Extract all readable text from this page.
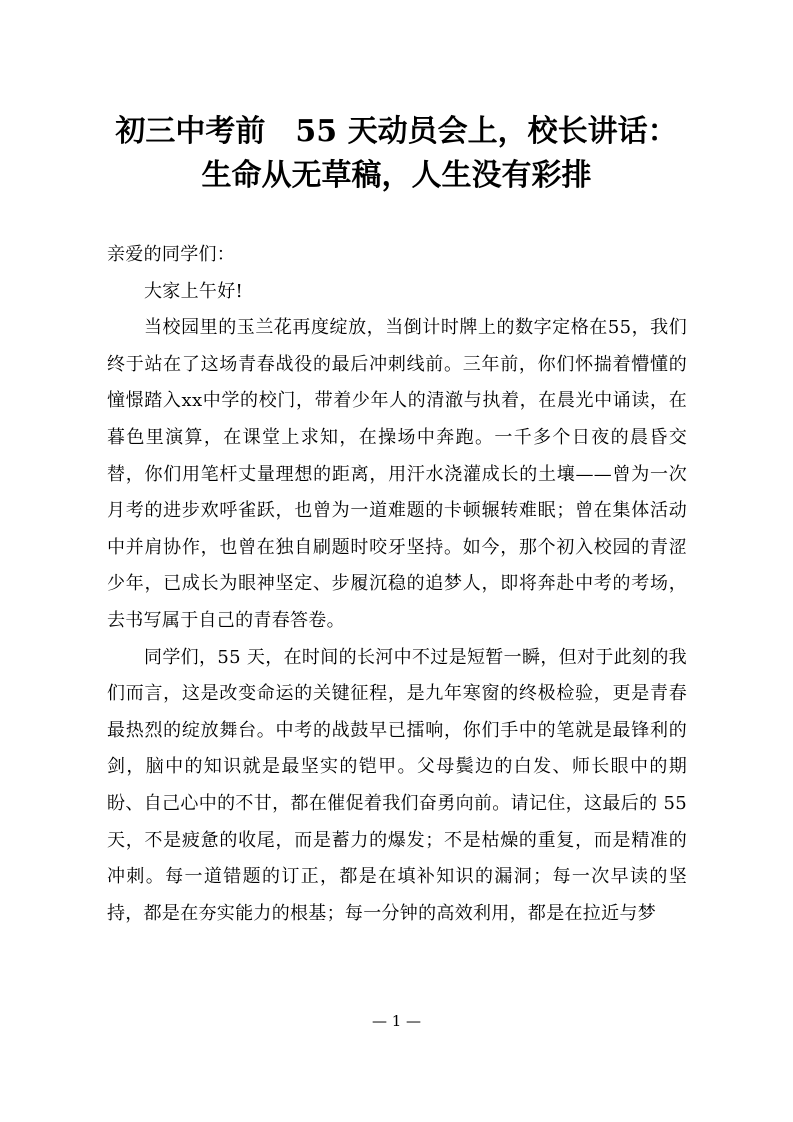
初三中考前 55 天动员会上，校长讲话：
生命从无草稿，人生没有彩排

亲爱的同学们：

大家上午好!

当校园里的玉兰花再度绽放，当倒计时牌上的数字定格在55，我们终于站在了这场青春战役的最后冲刺线前。三年前，你们怀揣着懵懂的憧憬踏入xx中学的校门，带着少年人的清澈与执着，在晨光中诵读，在暮色里演算，在课堂上求知，在操场中奔跑。一千多个日夜的晨昏交替，你们用笔杆丈量理想的距离，用汗水浇灌成长的土壤——曾为一次月考的进步欢呼雀跃，也曾为一道难题的卡顿辗转难眠；曾在集体活动中并肩协作，也曾在独自刷题时咬牙坚持。如今，那个初入校园的青涩少年，已成长为眼神坚定、步履沉稳的追梦人，即将奔赴中考的考场，去书写属于自己的青春答卷。

同学们，55 天，在时间的长河中不过是短暂一瞬，但对于此刻的我们而言，这是改变命运的关键征程，是九年寒窗的终极检验，更是青春最热烈的绽放舞台。中考的战鼓早已擂响，你们手中的笔就是最锋利的剑，脑中的知识就是最坚实的铠甲。父母鬓边的白发、师长眼中的期盼、自己心中的不甘，都在催促着我们奋勇向前。请记住，这最后的 55 天，不是疲惫的收尾，而是蓄力的爆发；不是枯燥的重复，而是精准的冲刺。每一道错题的订正，都是在填补知识的漏洞；每一次早读的坚持，都是在夯实能力的根基；每一分钟的高效利用，都是在拉近与梦

— 1 —
